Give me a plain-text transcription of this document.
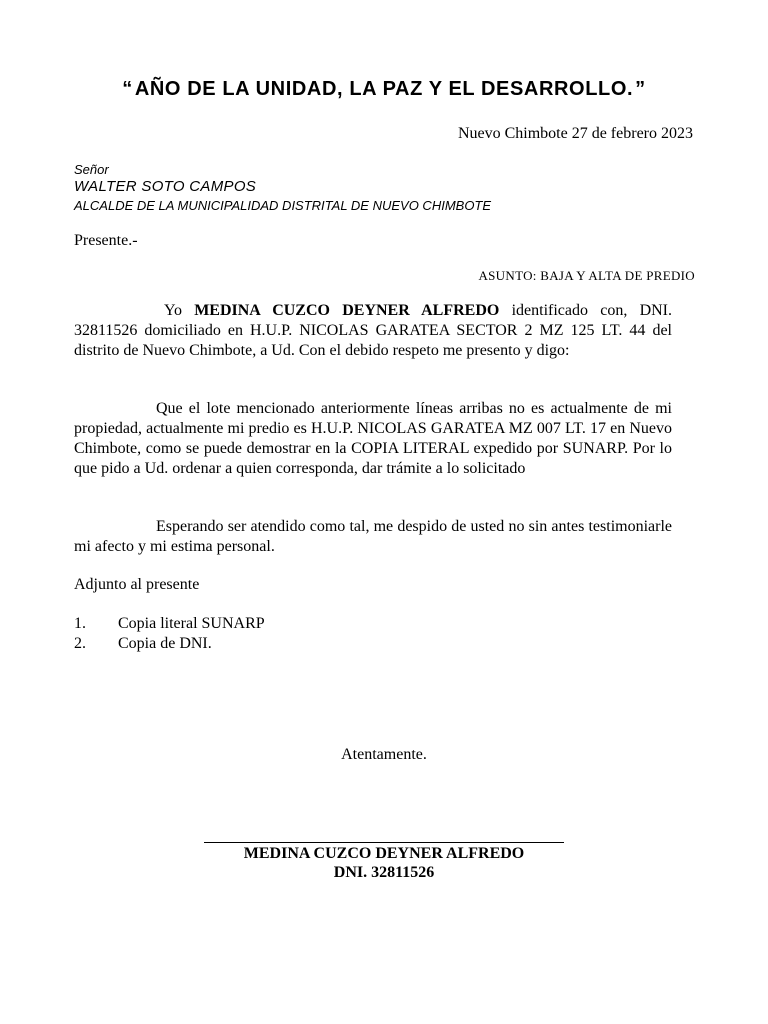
“ AÑO DE LA UNIDAD, LA PAZ Y EL DESARROLLO. ”
Nuevo Chimbote 27 de febrero 2023
Señor
WALTER SOTO CAMPOS
ALCALDE DE LA MUNICIPALIDAD DISTRITAL DE NUEVO CHIMBOTE
Presente.-
ASUNTO: BAJA Y ALTA DE PREDIO
Yo MEDINA CUZCO DEYNER ALFREDO identificado con, DNI. 32811526 domiciliado en H.U.P. NICOLAS GARATEA SECTOR 2 MZ 125 LT. 44 del distrito de Nuevo Chimbote, a Ud. Con el debido respeto me presento y digo:
Que el lote mencionado anteriormente líneas arribas no es actualmente de mi propiedad, actualmente mi predio es H.U.P. NICOLAS GARATEA MZ 007 LT. 17 en Nuevo Chimbote, como se puede demostrar en la COPIA LITERAL expedido por SUNARP. Por lo que pido a Ud. ordenar a quien corresponda, dar trámite a lo solicitado
Esperando ser atendido como tal, me despido de usted no sin antes testimoniarle mi afecto y mi estima personal.
Adjunto al presente
1. Copia literal SUNARP
2. Copia de DNI.
Atentamente.
MEDINA CUZCO DEYNER ALFREDO
DNI. 32811526
